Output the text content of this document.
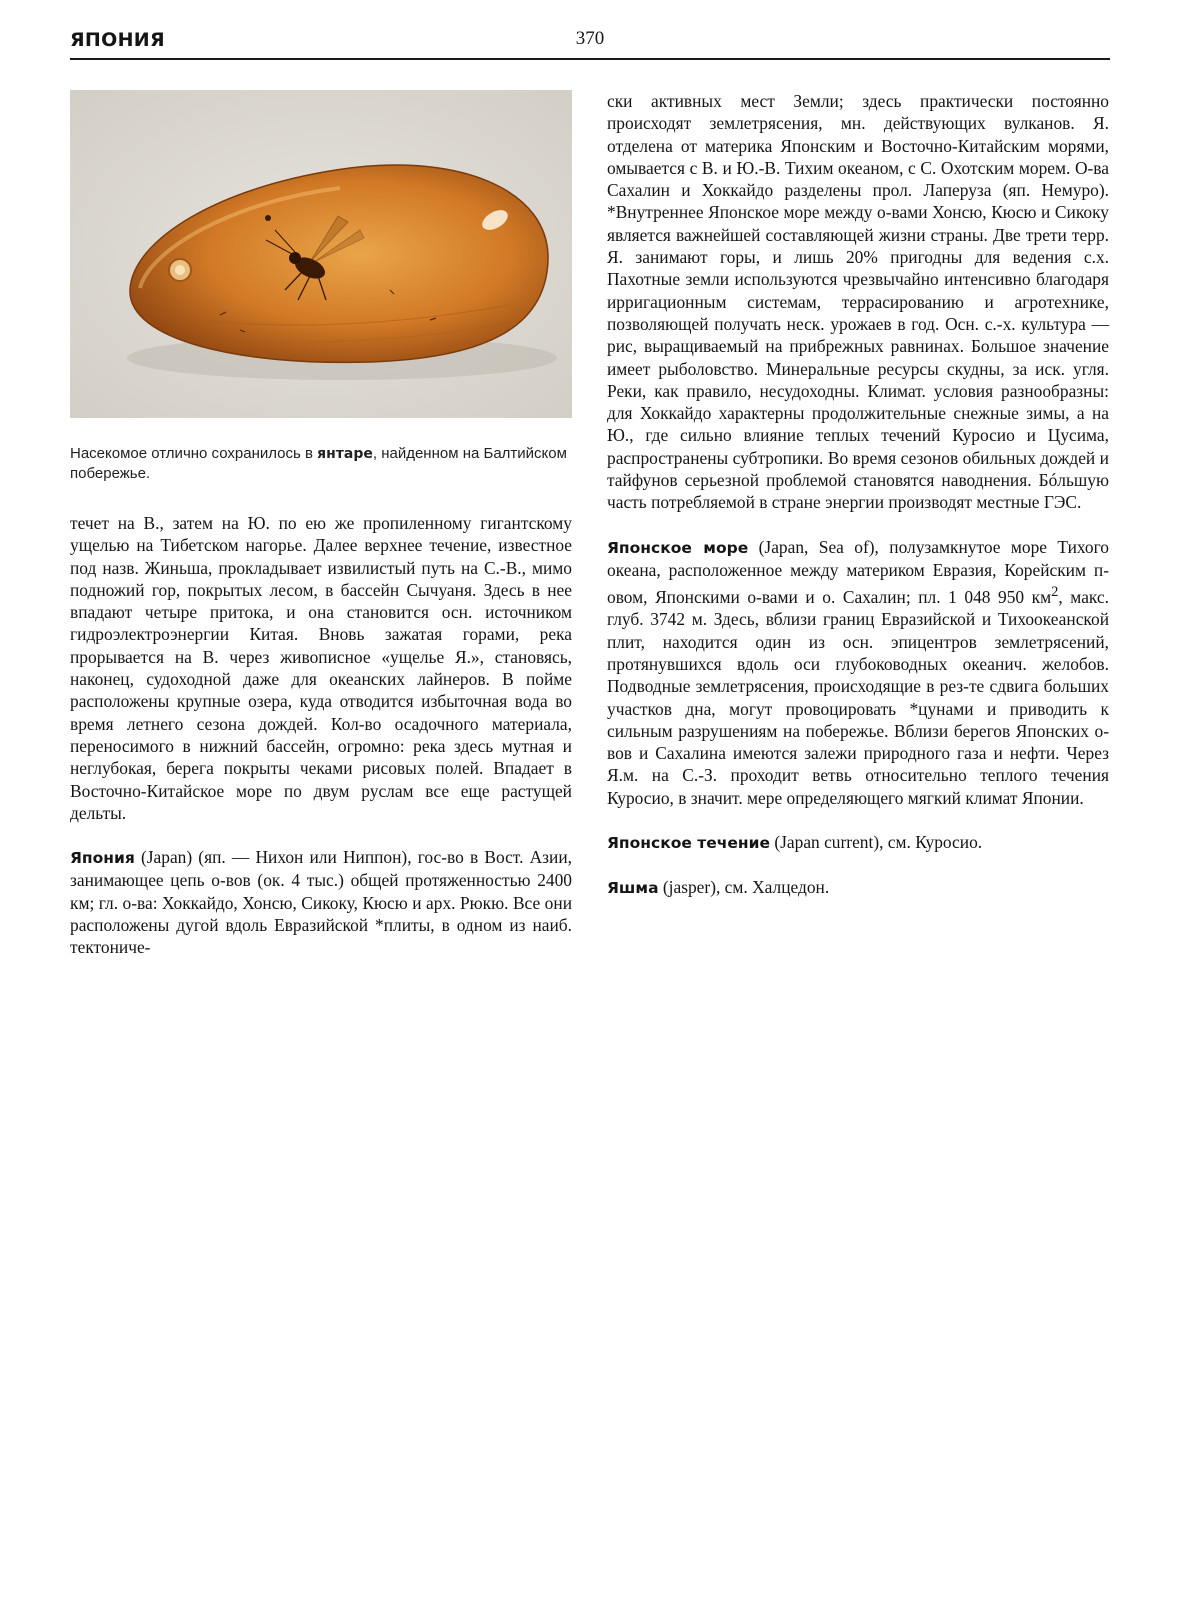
ЯПОНИЯ	370
Насекомое отлично сохранилось в янтаре, найденном на Балтийском побережье.

течет на В., затем на Ю. по ею же пропиленному гигантскому ущелью на Тибетском нагорье. Далее верхнее течение, известное под назв. Жиньша, прокладывает извилистый путь на С.-В., мимо подножий гор, покрытых лесом, в бассейн Сычуаня. Здесь в нее впадают четыре притока, и она становится осн. источником гидроэлектроэнергии Китая. Вновь зажатая горами, река прорывается на В. через живописное «ущелье Я.», становясь, наконец, судоходной даже для океанских лайнеров. В пойме расположены крупные озера, куда отводится избыточная вода во время летнего сезона дождей. Кол-во осадочного материала, переносимого в нижний бассейн, огромно: река здесь мутная и неглубокая, берега покрыты чеками рисовых полей. Впадает в Восточно-Китайское море по двум руслам все еще растущей дельты.

Япония (Japan) (яп. — Нихон или Ниппон), гос-во в Вост. Азии, занимающее цепь о-вов (ок. 4 тыс.) общей протяженностью 2400 км; гл. о-ва: Хоккайдо, Хонсю, Сикоку, Кюсю и арх. Рюкю. Все они расположены дугой вдоль Евразийской *плиты, в одном из наиб. тектониче-

ски активных мест Земли; здесь практически постоянно происходят землетрясения, мн. действующих вулканов. Я. отделена от материка Японским и Восточно-Китайским морями, омывается с В. и Ю.-В. Тихим океаном, с С. Охотским морем. О-ва Сахалин и Хоккайдо разделены прол. Лаперуза (яп. Немуро). *Внутреннее Японское море между о-вами Хонсю, Кюсю и Сикоку является важнейшей составляющей жизни страны. Две трети терр. Я. занимают горы, и лишь 20% пригодны для ведения с.х. Пахотные земли используются чрезвычайно интенсивно благодаря ирригационным системам, террасированию и агротехнике, позволяющей получать неск. урожаев в год. Осн. с.-х. культура — рис, выращиваемый на прибрежных равнинах. Большое значение имеет рыболовство. Минеральные ресурсы скудны, за иск. угля. Реки, как правило, несудоходны. Климат. условия разнообразны: для Хоккайдо характерны продолжительные снежные зимы, а на Ю., где сильно влияние теплых течений Куросио и Цусима, распространены субтропики. Во время сезонов обильных дождей и тайфунов серьезной проблемой становятся наводнения. Бóльшую часть потребляемой в стране энергии производят местные ГЭС.

Японское море (Japan, Sea of), полузамкнутое море Тихого океана, расположенное между материком Евразия, Корейским п-овом, Японскими о-вами и о. Сахалин; пл. 1 048 950 $км^2$, макс. глуб. 3742 м. Здесь, вблизи границ Евразийской и Тихоокеанской плит, находится один из осн. эпицентров землетрясений, протянувшихся вдоль оси глубоководных океанич. желобов. Подводные землетрясения, происходящие в рез-те сдвига больших участков дна, могут провоцировать *цунами и приводить к сильным разрушениям на побережье. Вблизи берегов Японских о-вов и Сахалина имеются залежи природного газа и нефти. Через Я.м. на С.-З. проходит ветвь относительно теплого течения Куросио, в значит. мере определяющего мягкий климат Японии.

Японское течение (Japan current), см. Куросио.

Яшма (jasper), см. Халцедон.
